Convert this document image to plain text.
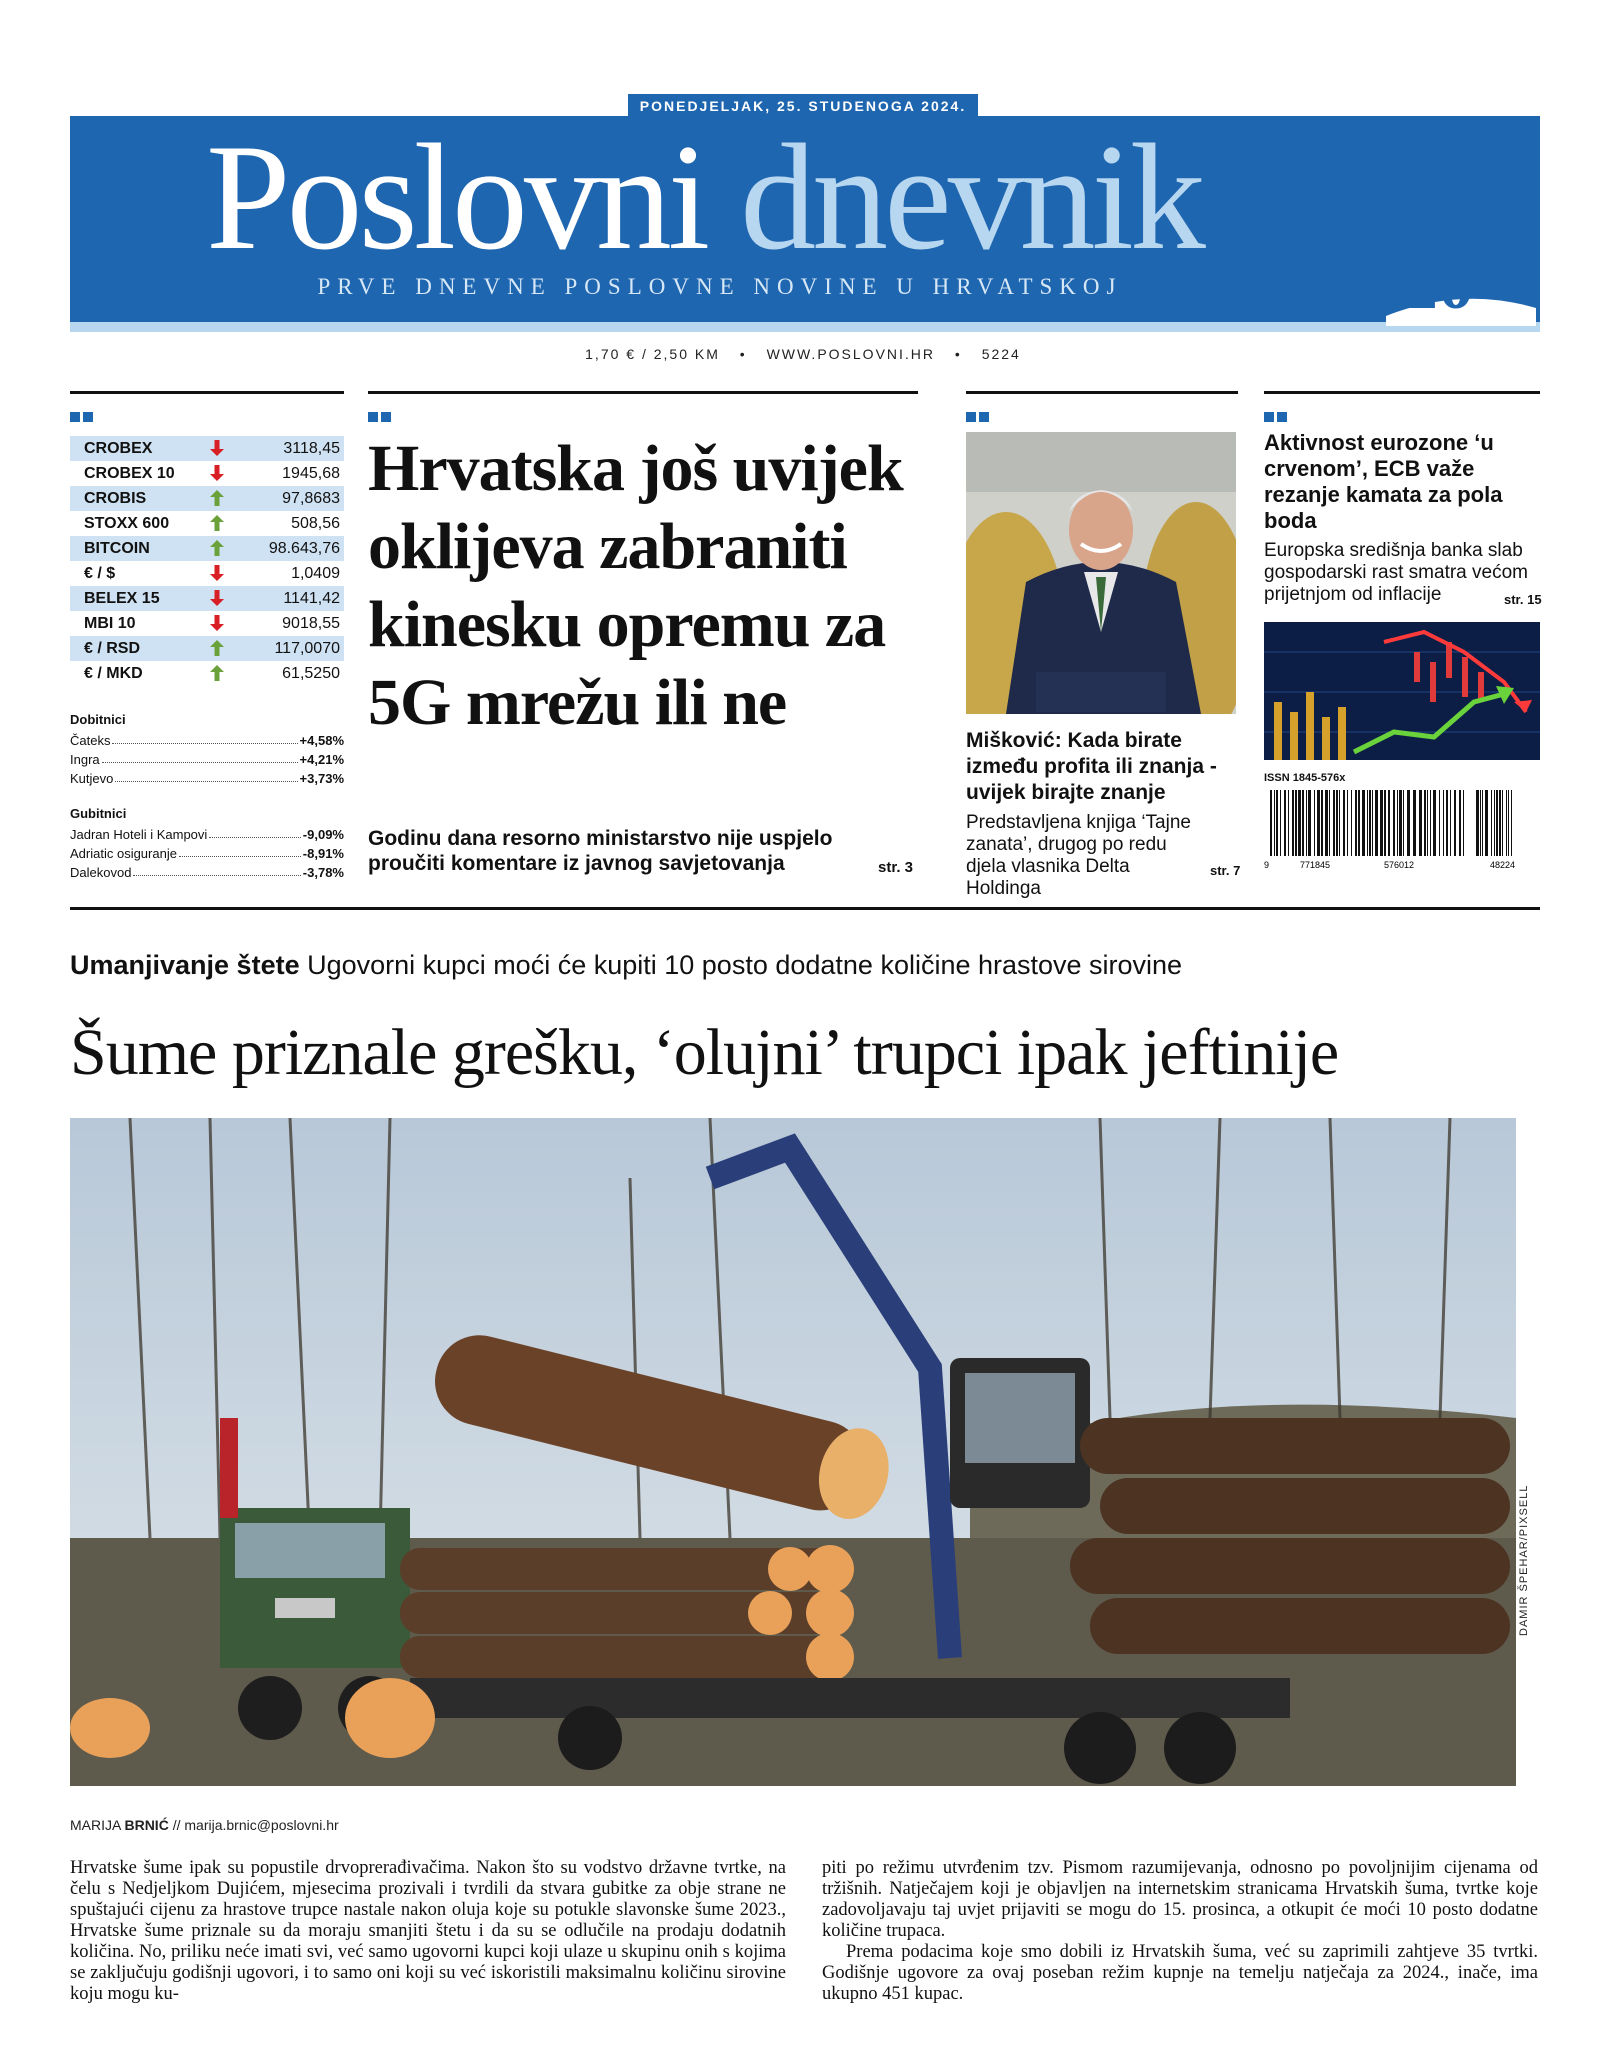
PONEDJELJAK, 25. STUDENOGA 2024.
Poslovni dnevnik
PRVE DNEVNE POSLOVNE NOVINE U HRVATSKOJ	20
1,70 € / 2,50 KM • WWW.POSLOVNI.HR • 5224
CROBEX	3118,45
CROBEX 10	1945,68
CROBIS	97,8683
STOXX 600	508,56
BITCOIN	98.643,76
€ / $	1,0409
BELEX 15	1141,42
MBI 10	9018,55
€ / RSD	117,0070
€ / MKD	61,5250
Dobitnici
Čateks	+4,58%
Ingra	+4,21%
Kutjevo	+3,73%
Gubitnici
Jadran Hoteli i Kampovi	-9,09%
Adriatic osiguranje	-8,91%
Dalekovod	-3,78%
Hrvatska još uvijek oklijeva zabraniti kinesku opremu za 5G mrežu ili ne
Godinu dana resorno ministarstvo nije uspjelo proučiti komentare iz javnog savjetovanja	str. 3
Mišković: Kada birate između profita ili znanja - uvijek birajte znanje
Predstavljena knjiga ‘Tajne zanata’, drugog po redu djela vlasnika Delta Holdinga
str. 7
Aktivnost eurozone ‘u crvenom’, ECB važe rezanje kamata za pola boda
Europska središnja banka slab gospodarski rast smatra većom prijetnjom od inflacije	str. 15
ISSN 1845-576x
9	771845	576012	48224
Umanjivanje štete Ugovorni kupci moći će kupiti 10 posto dodatne količine hrastove sirovine
Šume priznale grešku, ‘olujni’ trupci ipak jeftinije
DAMIR ŠPEHAR/PIXSELL
MARIJA BRNIĆ // marija.brnic@poslovni.hr

Hrvatske šume ipak su popustile drvoprerađivačima. Nakon što su vodstvo državne tvrtke, na čelu s Nedjeljkom Dujićem, mjesecima prozivali i tvrdili da stvara gubitke za obje strane ne spuštajući cijenu za hrastove trupce nastale nakon oluja koje su potukle slavonske šume 2023., Hrvatske šume priznale su da moraju smanjiti štetu i da su se odlučile na prodaju dodatnih količina. No, priliku neće imati svi, već samo ugovorni kupci koji ulaze u skupinu onih s kojima se zaključuju godišnji ugovori, i to samo oni koji su već iskoristili maksimalnu količinu sirovine koju mogu ku-

piti po režimu utvrđenim tzv. Pismom razumijevanja, odnosno po povoljnijim cijenama od tržišnih. Natječajem koji je objavljen na internetskim stranicama Hrvatskih šuma, tvrtke koje zadovoljavaju taj uvjet prijaviti se mogu do 15. prosinca, a otkupit će moći 10 posto dodatne količine trupaca.

Prema podacima koje smo dobili iz Hrvatskih šuma, već su zaprimili zahtjeve 35 tvrtki. Godišnje ugovore za ovaj poseban režim kupnje na temelju natječaja za 2024., inače, ima ukupno 451 kupac.
